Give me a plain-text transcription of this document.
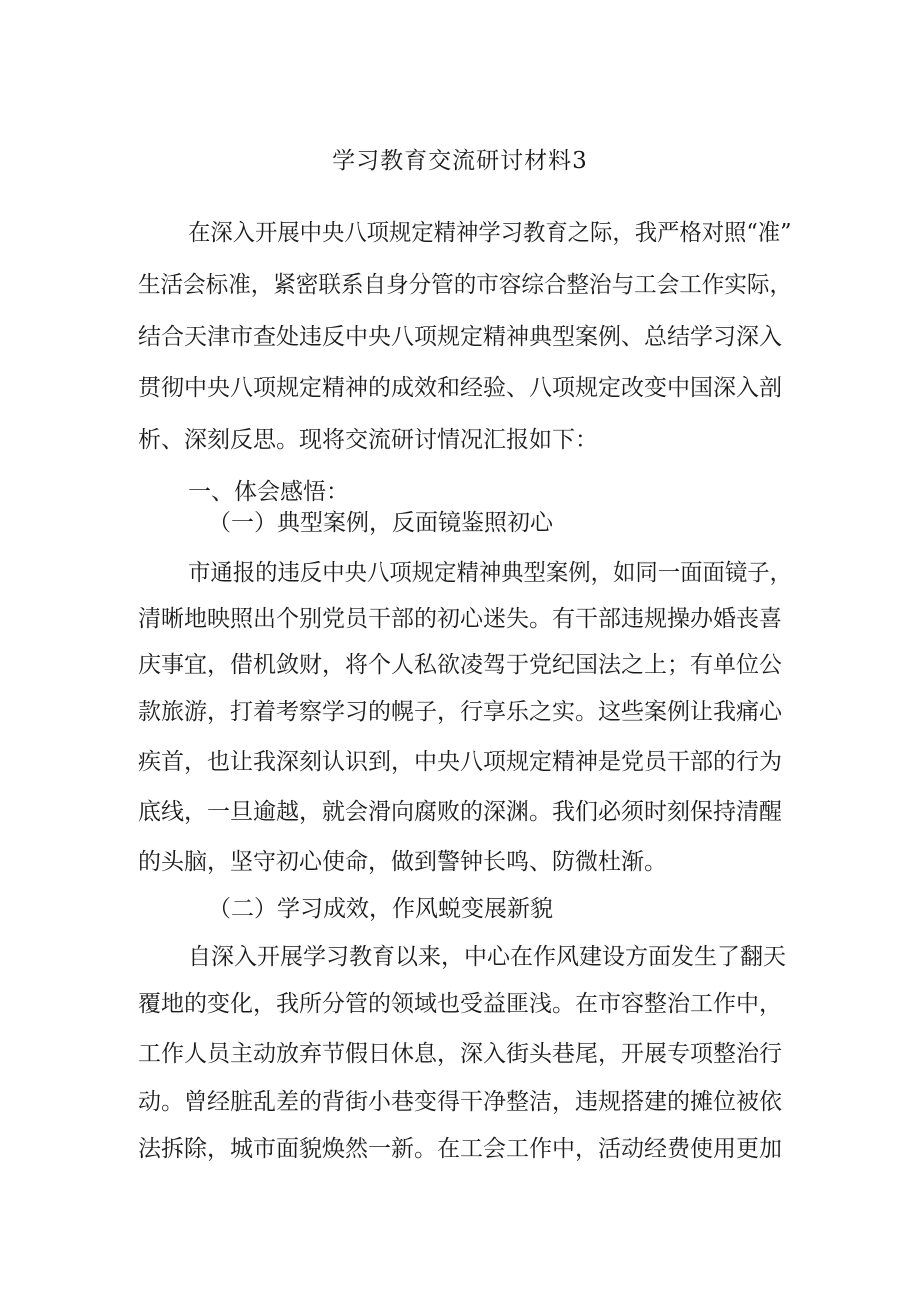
学习教育交流研讨材料3
在深入开展中央八项规定精神学习教育之际，我严格对照“准”
生活会标准，紧密联系自身分管的市容综合整治与工会工作实际，
结合天津市查处违反中央八项规定精神典型案例、总结学习深入
贯彻中央八项规定精神的成效和经验、八项规定改变中国深入剖
析、深刻反思。现将交流研讨情况汇报如下：
一、体会感悟：
（一）典型案例，反面镜鉴照初心
市通报的违反中央八项规定精神典型案例，如同一面面镜子，
清晰地映照出个别党员干部的初心迷失。有干部违规操办婚丧喜
庆事宜，借机敛财，将个人私欲凌驾于党纪国法之上；有单位公
款旅游，打着考察学习的幌子，行享乐之实。这些案例让我痛心
疾首，也让我深刻认识到，中央八项规定精神是党员干部的行为
底线，一旦逾越，就会滑向腐败的深渊。我们必须时刻保持清醒
的头脑，坚守初心使命，做到警钟长鸣、防微杜渐。
（二）学习成效，作风蜕变展新貌
自深入开展学习教育以来，中心在作风建设方面发生了翻天
覆地的变化，我所分管的领域也受益匪浅。在市容整治工作中，
工作人员主动放弃节假日休息，深入街头巷尾，开展专项整治行
动。曾经脏乱差的背街小巷变得干净整洁，违规搭建的摊位被依
法拆除，城市面貌焕然一新。在工会工作中，活动经费使用更加
